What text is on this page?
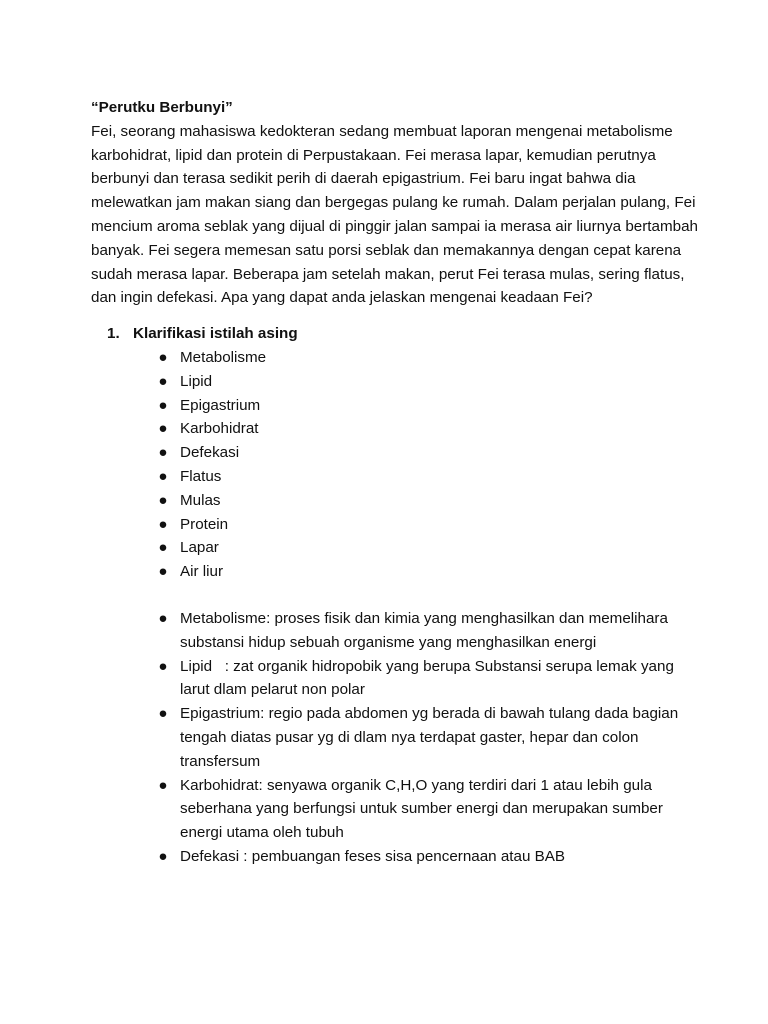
“Perutku Berbunyi”

Fei, seorang mahasiswa kedokteran sedang membuat laporan mengenai metabolisme karbohidrat, lipid dan protein di Perpustakaan. Fei merasa lapar, kemudian perutnya berbunyi dan terasa sedikit perih di daerah epigastrium. Fei baru ingat bahwa dia melewatkan jam makan siang dan bergegas pulang ke rumah. Dalam perjalan pulang, Fei mencium aroma seblak yang dijual di pinggir jalan sampai ia merasa air liurnya bertambah banyak. Fei segera memesan satu porsi seblak dan memakannya dengan cepat karena sudah merasa lapar. Beberapa jam setelah makan, perut Fei terasa mulas, sering flatus, dan ingin defekasi. Apa yang dapat anda jelaskan mengenai keadaan Fei?

1. Klarifikasi istilah asing
● Metabolisme
● Lipid
● Epigastrium
● Karbohidrat
● Defekasi
● Flatus
● Mulas
● Protein
● Lapar
● Air liur
● Metabolisme: proses fisik dan kimia yang menghasilkan dan memelihara substansi hidup sebuah organisme yang menghasilkan energi
● Lipid   : zat organik hidropobik yang berupa Substansi serupa lemak yang  larut dlam pelarut non polar
● Epigastrium: regio pada abdomen yg berada di bawah tulang dada bagian tengah diatas pusar yg di dlam nya terdapat gaster, hepar dan colon transfersum
● Karbohidrat: senyawa organik C,H,O yang terdiri dari 1 atau lebih gula seberhana yang berfungsi untuk sumber energi dan merupakan sumber energi utama oleh tubuh
● Defekasi : pembuangan feses sisa pencernaan atau BAB
